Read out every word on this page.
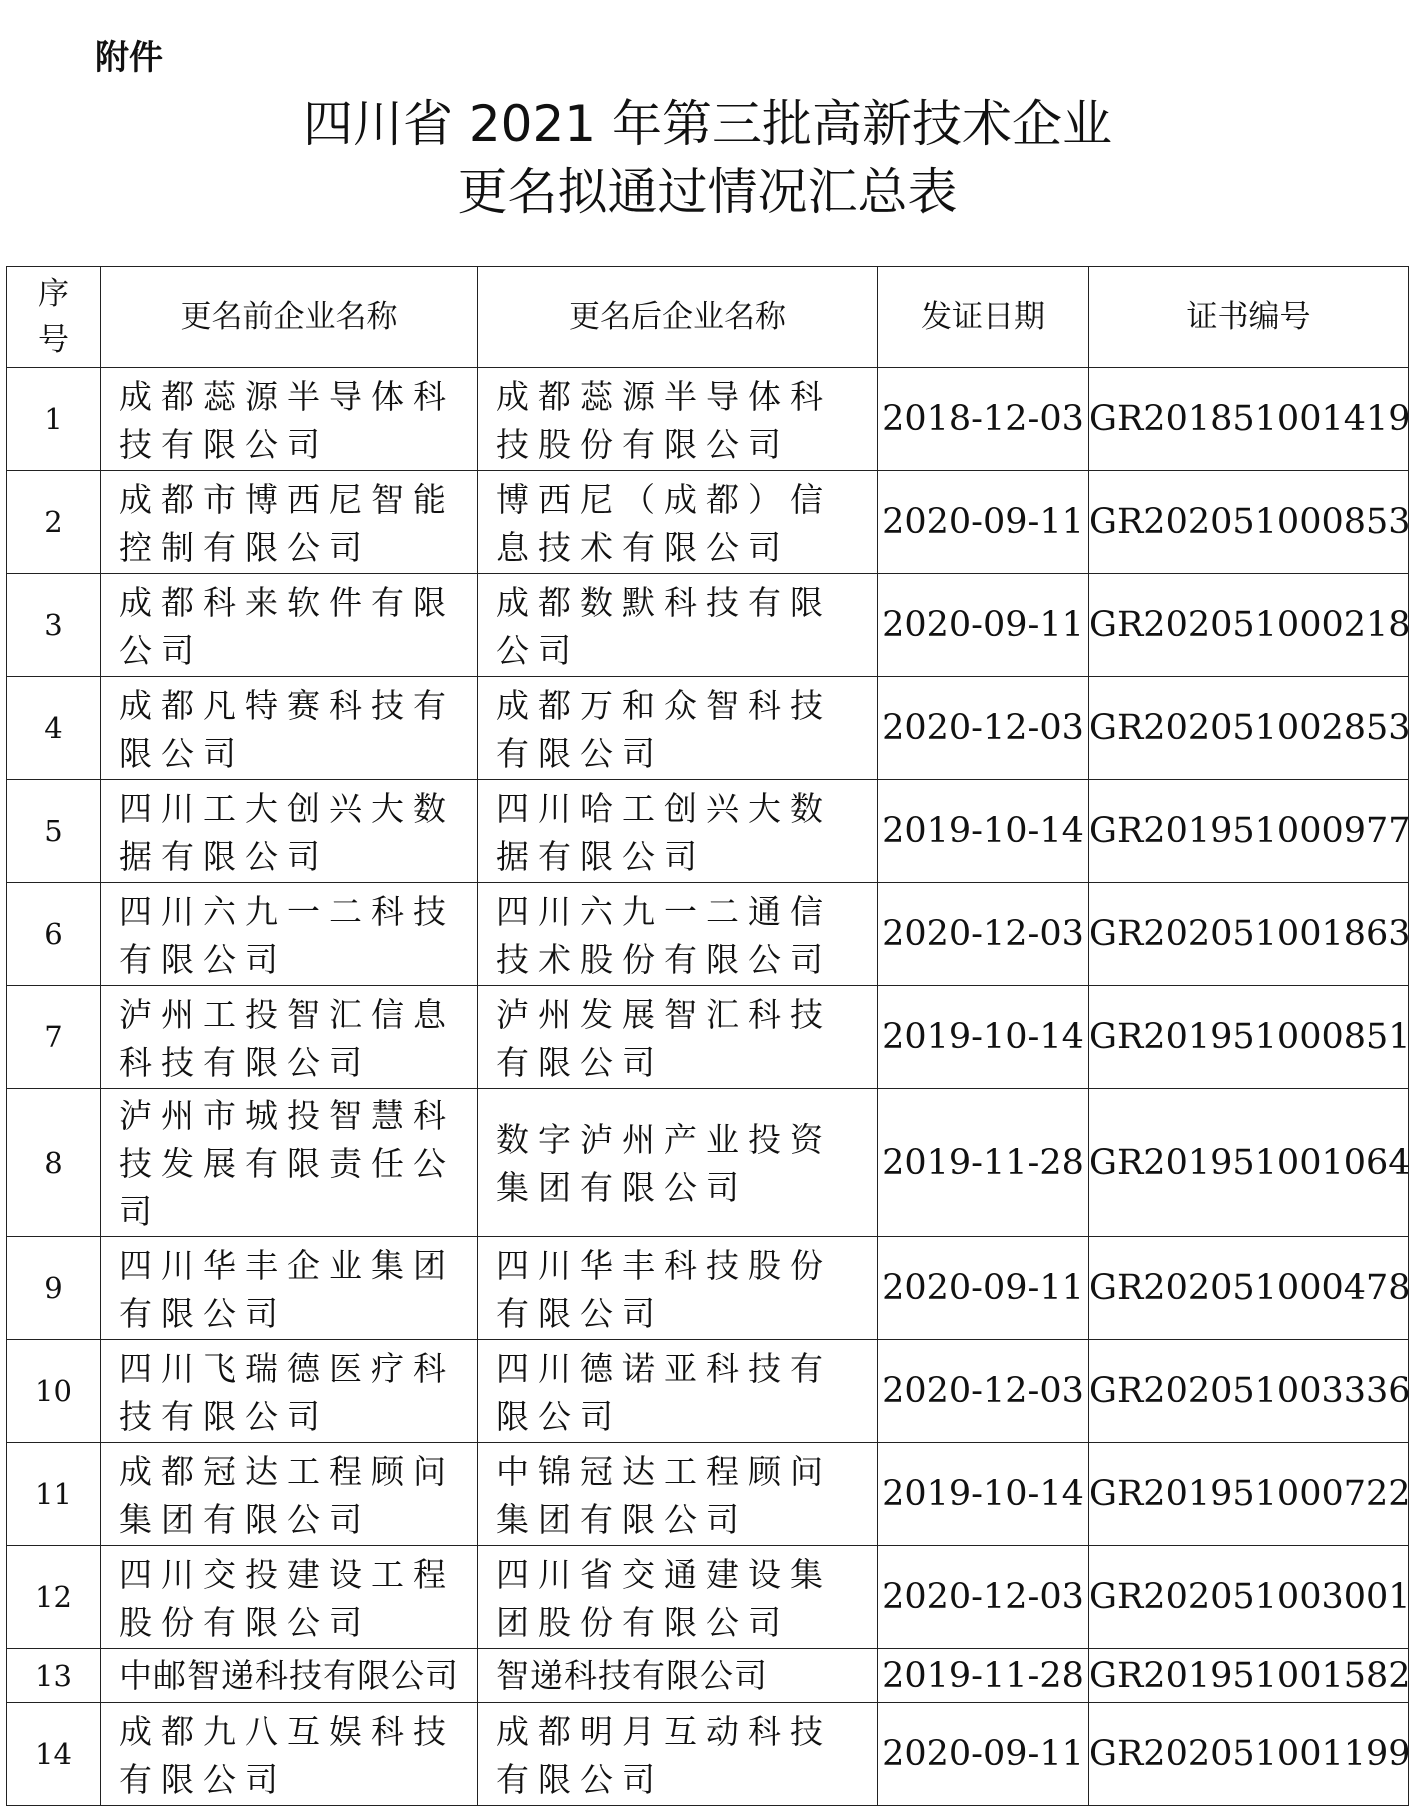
附件
四川省 2021 年第三批高新技术企业
更名拟通过情况汇总表
序号	更名前企业名称	更名后企业名称	发证日期	证书编号
1	成都蕊源半导体科技有限公司	成都蕊源半导体科技股份有限公司	2018-12-03	GR201851001419
2	成都市博西尼智能控制有限公司	博西尼（成都）信息技术有限公司	2020-09-11	GR202051000853
3	成都科来软件有限公司	成都数默科技有限公司	2020-09-11	GR202051000218
4	成都凡特赛科技有限公司	成都万和众智科技有限公司	2020-12-03	GR202051002853
5	四川工大创兴大数据有限公司	四川哈工创兴大数据有限公司	2019-10-14	GR201951000977
6	四川六九一二科技有限公司	四川六九一二通信技术股份有限公司	2020-12-03	GR202051001863
7	泸州工投智汇信息科技有限公司	泸州发展智汇科技有限公司	2019-10-14	GR201951000851
8	泸州市城投智慧科技发展有限责任公司	数字泸州产业投资集团有限公司	2019-11-28	GR201951001064
9	四川华丰企业集团有限公司	四川华丰科技股份有限公司	2020-09-11	GR202051000478
10	四川飞瑞德医疗科技有限公司	四川德诺亚科技有限公司	2020-12-03	GR202051003336
11	成都冠达工程顾问集团有限公司	中锦冠达工程顾问集团有限公司	2019-10-14	GR201951000722
12	四川交投建设工程股份有限公司	四川省交通建设集团股份有限公司	2020-12-03	GR202051003001
13	中邮智递科技有限公司	智递科技有限公司	2019-11-28	GR201951001582
14	成都九八互娱科技有限公司	成都明月互动科技有限公司	2020-09-11	GR202051001199
